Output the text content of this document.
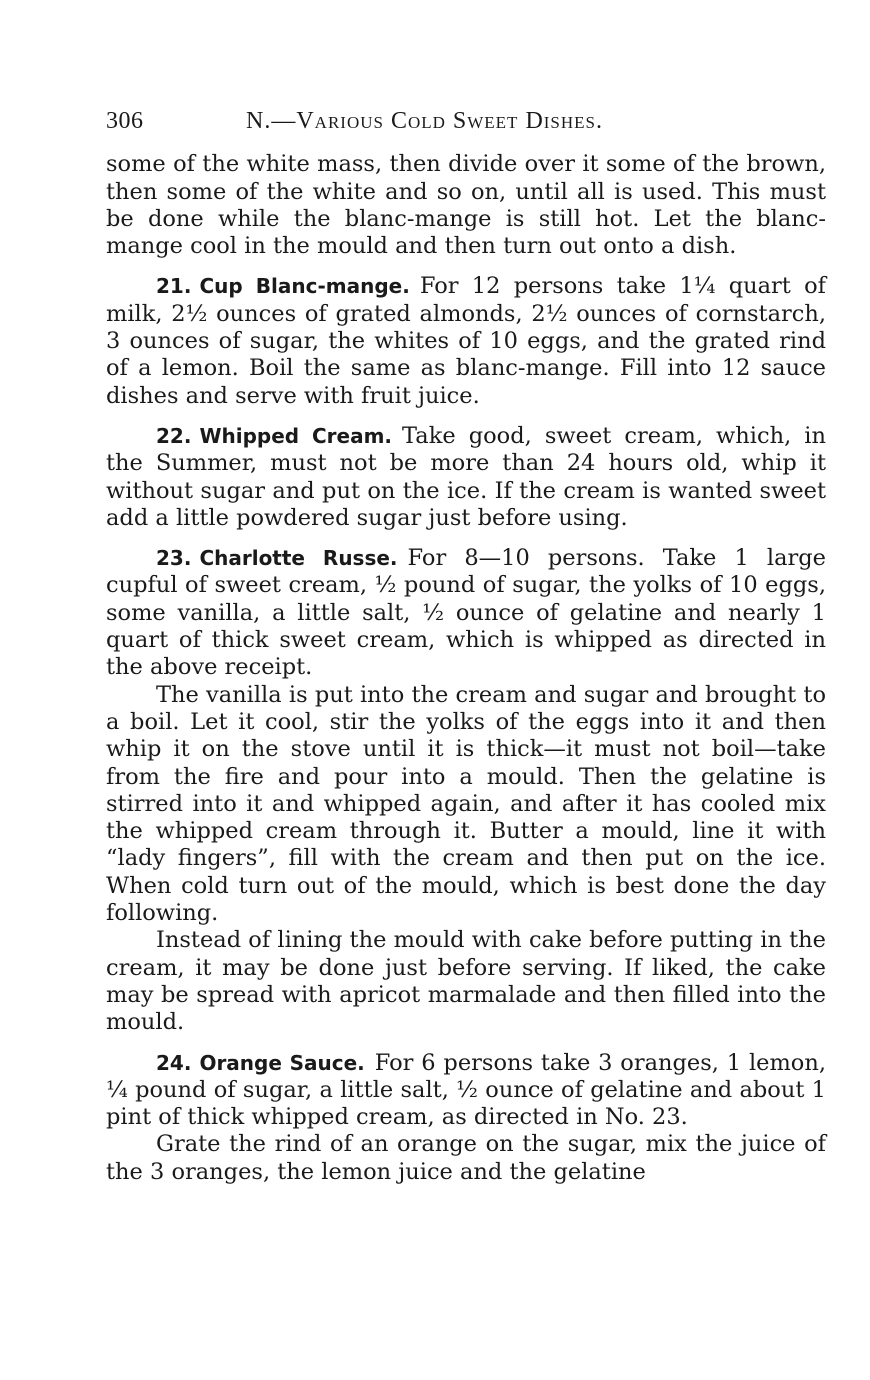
306	N.—Various Cold Sweet Dishes.

some of the white mass, then divide over it some of the brown, then some of the white and so on, until all is used. This must be done while the blanc-mange is still hot. Let the blanc-mange cool in the mould and then turn out onto a dish.

21. Cup Blanc-mange. For 12 persons take 1¼ quart of milk, 2½ ounces of grated almonds, 2½ ounces of cornstarch, 3 ounces of sugar, the whites of 10 eggs, and the grated rind of a lemon. Boil the same as blanc-mange. Fill into 12 sauce dishes and serve with fruit juice.

22. Whipped Cream. Take good, sweet cream, which, in the Summer, must not be more than 24 hours old, whip it without sugar and put on the ice. If the cream is wanted sweet add a little powdered sugar just before using.

23. Charlotte Russe. For 8—10 persons. Take 1 large cupful of sweet cream, ½ pound of sugar, the yolks of 10 eggs, some vanilla, a little salt, ½ ounce of gelatine and nearly 1 quart of thick sweet cream, which is whipped as directed in the above receipt.

The vanilla is put into the cream and sugar and brought to a boil. Let it cool, stir the yolks of the eggs into it and then whip it on the stove until it is thick—it must not boil—take from the fire and pour into a mould. Then the gelatine is stirred into it and whipped again, and after it has cooled mix the whipped cream through it. Butter a mould, line it with “lady fingers”, fill with the cream and then put on the ice. When cold turn out of the mould, which is best done the day following.

Instead of lining the mould with cake before putting in the cream, it may be done just before serving. If liked, the cake may be spread with apricot marmalade and then filled into the mould.

24. Orange Sauce. For 6 persons take 3 oranges, 1 lemon, ¼ pound of sugar, a little salt, ½ ounce of gelatine and about 1 pint of thick whipped cream, as directed in No. 23.

Grate the rind of an orange on the sugar, mix the juice of the 3 oranges, the lemon juice and the gelatine
